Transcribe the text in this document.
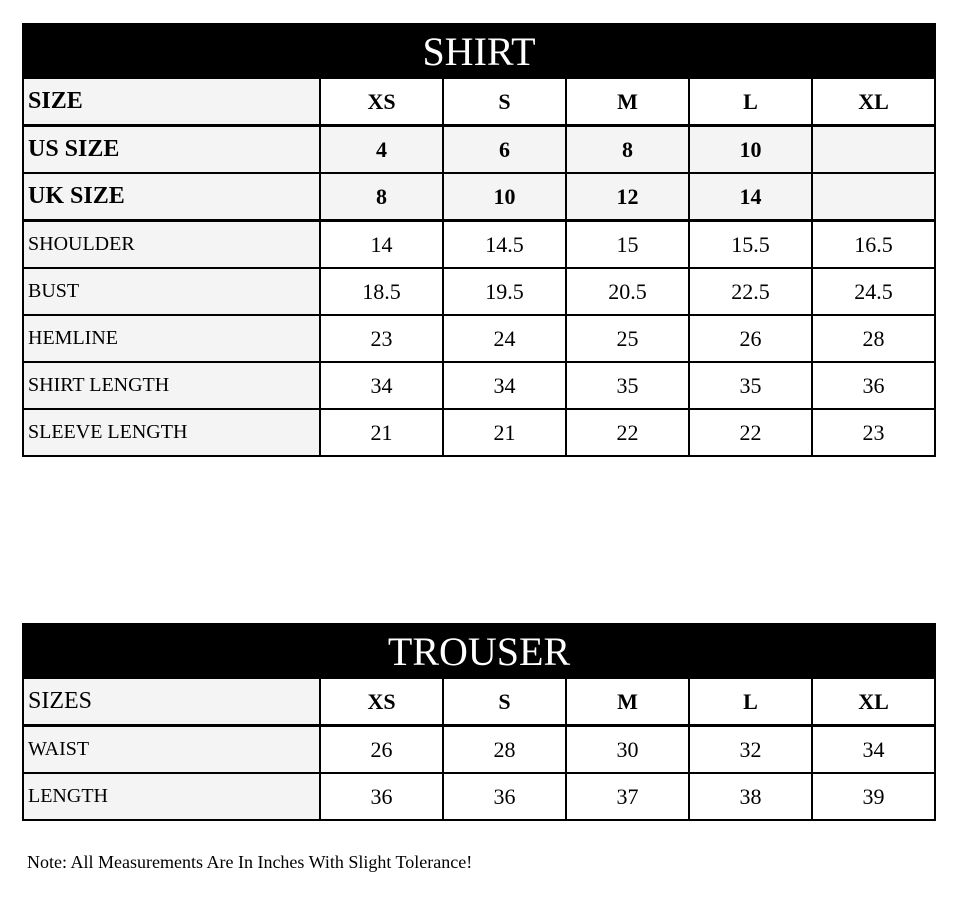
SHIRT					
SIZE	XS	S	M	L	XL
US SIZE	4	6	8	10	
UK SIZE	8	10	12	14	
SHOULDER	14	14.5	15	15.5	16.5
BUST	18.5	19.5	20.5	22.5	24.5
HEMLINE	23	24	25	26	28
SHIRT LENGTH	34	34	35	35	36
SLEEVE LENGTH	21	21	22	22	23
TROUSER					
SIZES	XS	S	M	L	XL
WAIST	26	28	30	32	34
LENGTH	36	36	37	38	39
Note: All Measurements Are In Inches With Slight Tolerance!
